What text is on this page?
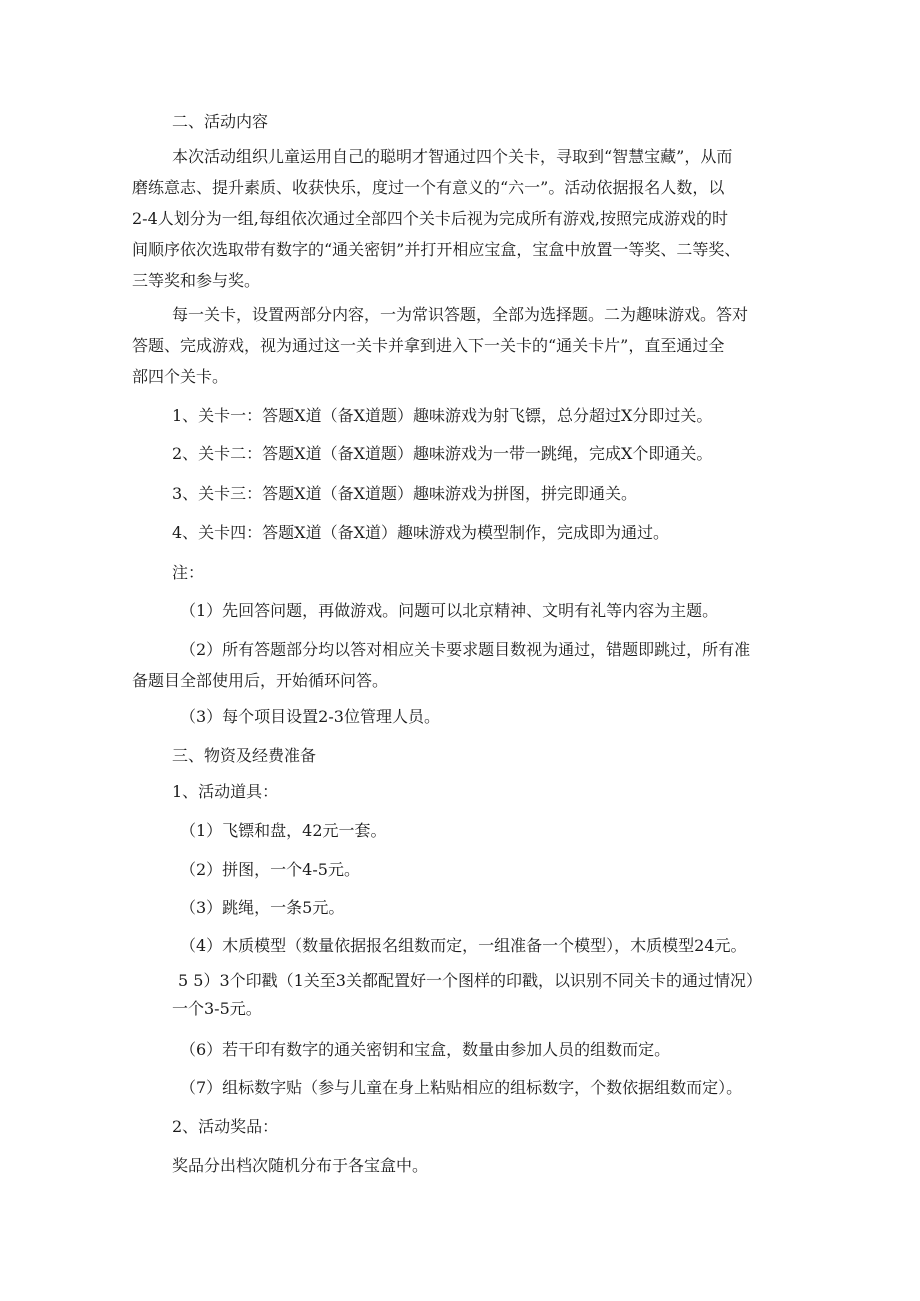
二、活动内容
本次活动组织儿童运用自己的聪明才智通过四个关卡，寻取到“智慧宝藏”，从而
磨练意志、提升素质、收获快乐，度过一个有意义的“六一”。活动依据报名人数，以
2-4人划分为一组,每组依次通过全部四个关卡后视为完成所有游戏,按照完成游戏的时
间顺序依次选取带有数字的“通关密钥”并打开相应宝盒，宝盒中放置一等奖、二等奖、
三等奖和参与奖。
每一关卡，设置两部分内容，一为常识答题，全部为选择题。二为趣味游戏。答对
答题、完成游戏，视为通过这一关卡并拿到进入下一关卡的“通关卡片”，直至通过全
部四个关卡。
1、关卡一：答题X道（备X道题）趣味游戏为射飞镖，总分超过X分即过关。
2、关卡二：答题X道（备X道题）趣味游戏为一带一跳绳，完成X个即通关。
3、关卡三：答题X道（备X道题）趣味游戏为拼图，拼完即通关。
4、关卡四：答题X道（备X道）趣味游戏为模型制作，完成即为通过。
注：
（1）先回答问题，再做游戏。问题可以北京精神、文明有礼等内容为主题。
（2）所有答题部分均以答对相应关卡要求题目数视为通过，错题即跳过，所有准
备题目全部使用后，开始循环问答。
（3）每个项目设置2-3位管理人员。
三、物资及经费准备
1、活动道具：
（1）飞镖和盘，42元一套。
（2）拼图，一个4-5元。
（3）跳绳，一条5元。
（4）木质模型（数量依据报名组数而定，一组准备一个模型），木质模型24元。
5 5）3个印戳（1关至3关都配置好一个图样的印戳，以识别不同关卡的通过情况）
一个3-5元。
（6）若干印有数字的通关密钥和宝盒，数量由参加人员的组数而定。
（7）组标数字贴（参与儿童在身上粘贴相应的组标数字，个数依据组数而定）。
2、活动奖品：
奖品分出档次随机分布于各宝盒中。
